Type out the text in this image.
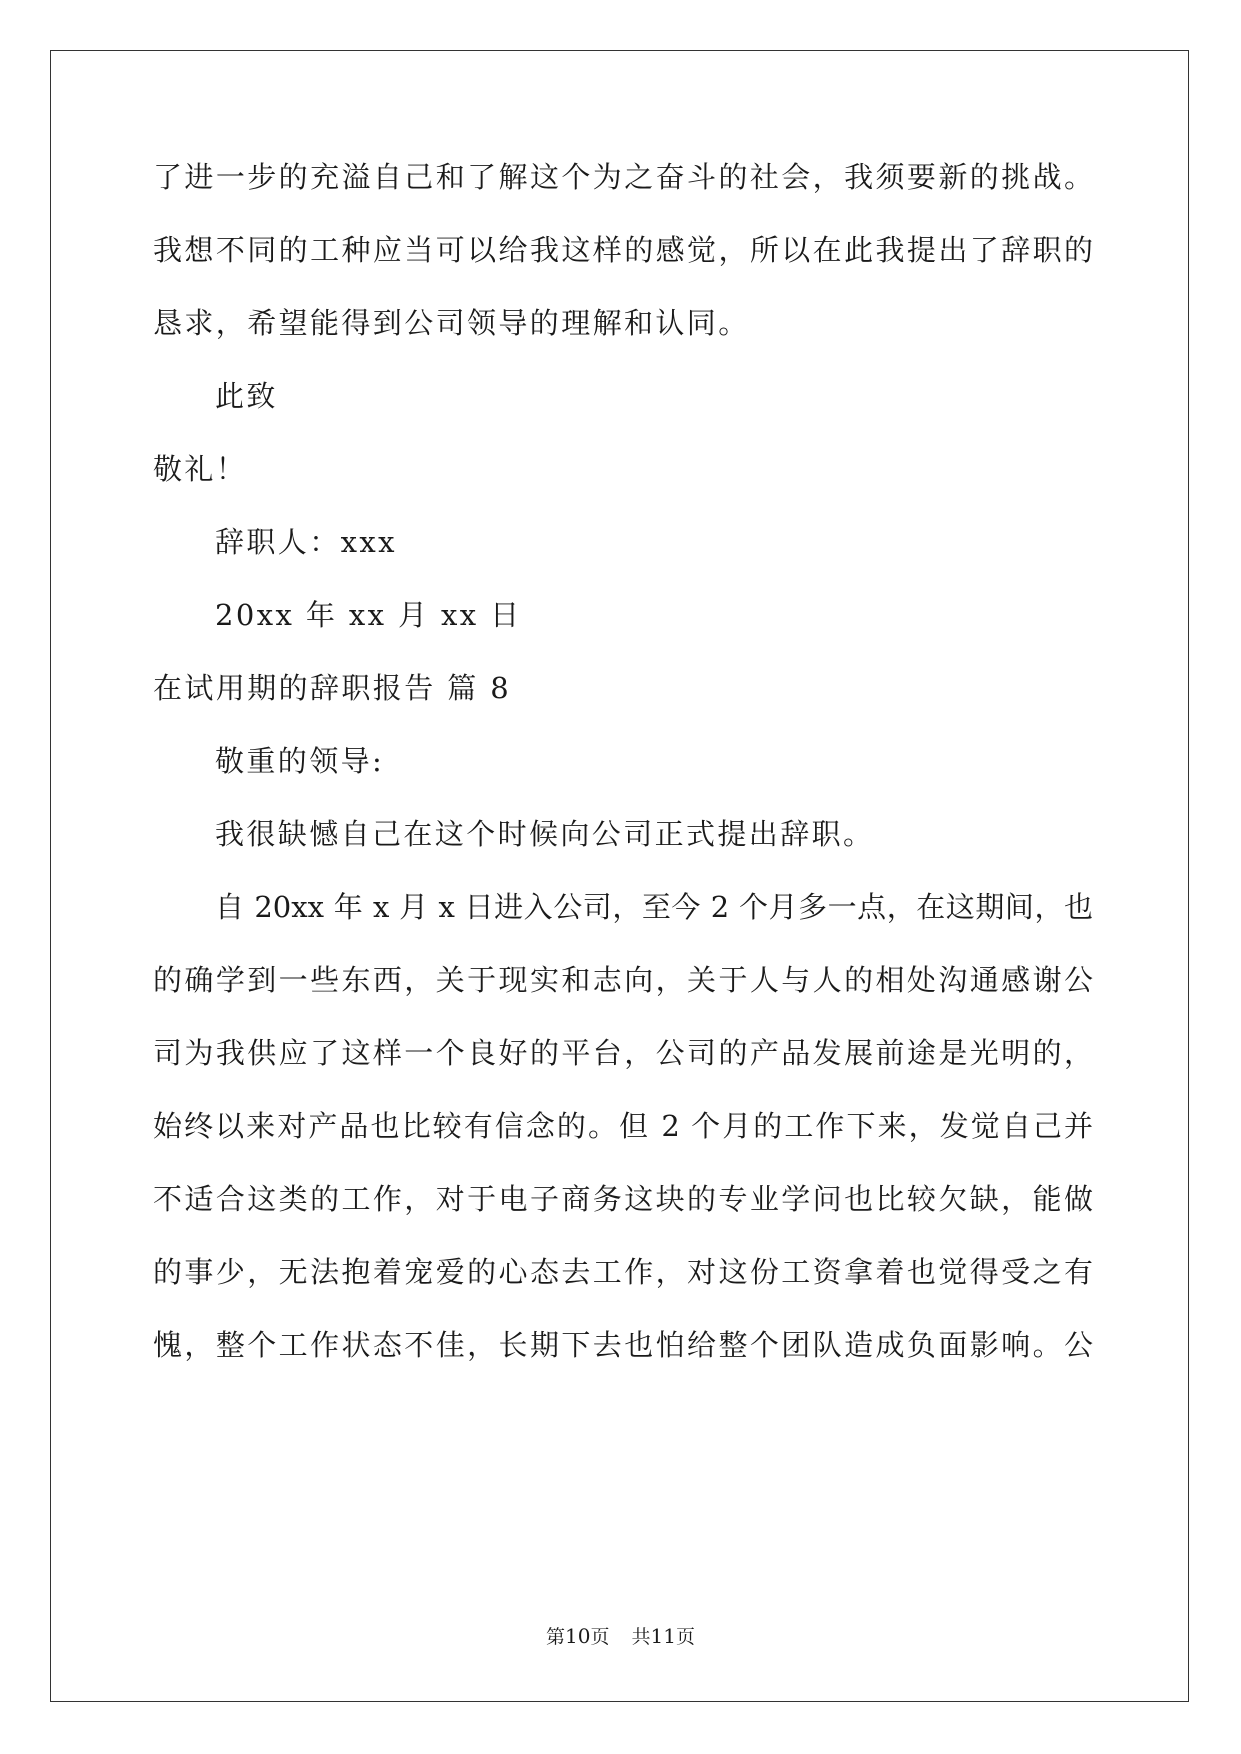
了进一步的充溢自己和了解这个为之奋斗的社会，我须要新的挑战。
我想不同的工种应当可以给我这样的感觉，所以在此我提出了辞职的
恳求，希望能得到公司领导的理解和认同。
此致
敬礼！
辞职人：xxx
20xx 年 xx 月 xx 日
在试用期的辞职报告 篇 8
敬重的领导:
我很缺憾自己在这个时候向公司正式提出辞职。
自 20xx 年 x 月 x 日进入公司，至今 2 个月多一点，在这期间，也
的确学到一些东西，关于现实和志向，关于人与人的相处沟通感谢公
司为我供应了这样一个良好的平台，公司的产品发展前途是光明的，
始终以来对产品也比较有信念的。但 2 个月的工作下来，发觉自己并
不适合这类的工作，对于电子商务这块的专业学问也比较欠缺，能做
的事少，无法抱着宠爱的心态去工作，对这份工资拿着也觉得受之有
愧，整个工作状态不佳，长期下去也怕给整个团队造成负面影响。公
第10页 共11页
